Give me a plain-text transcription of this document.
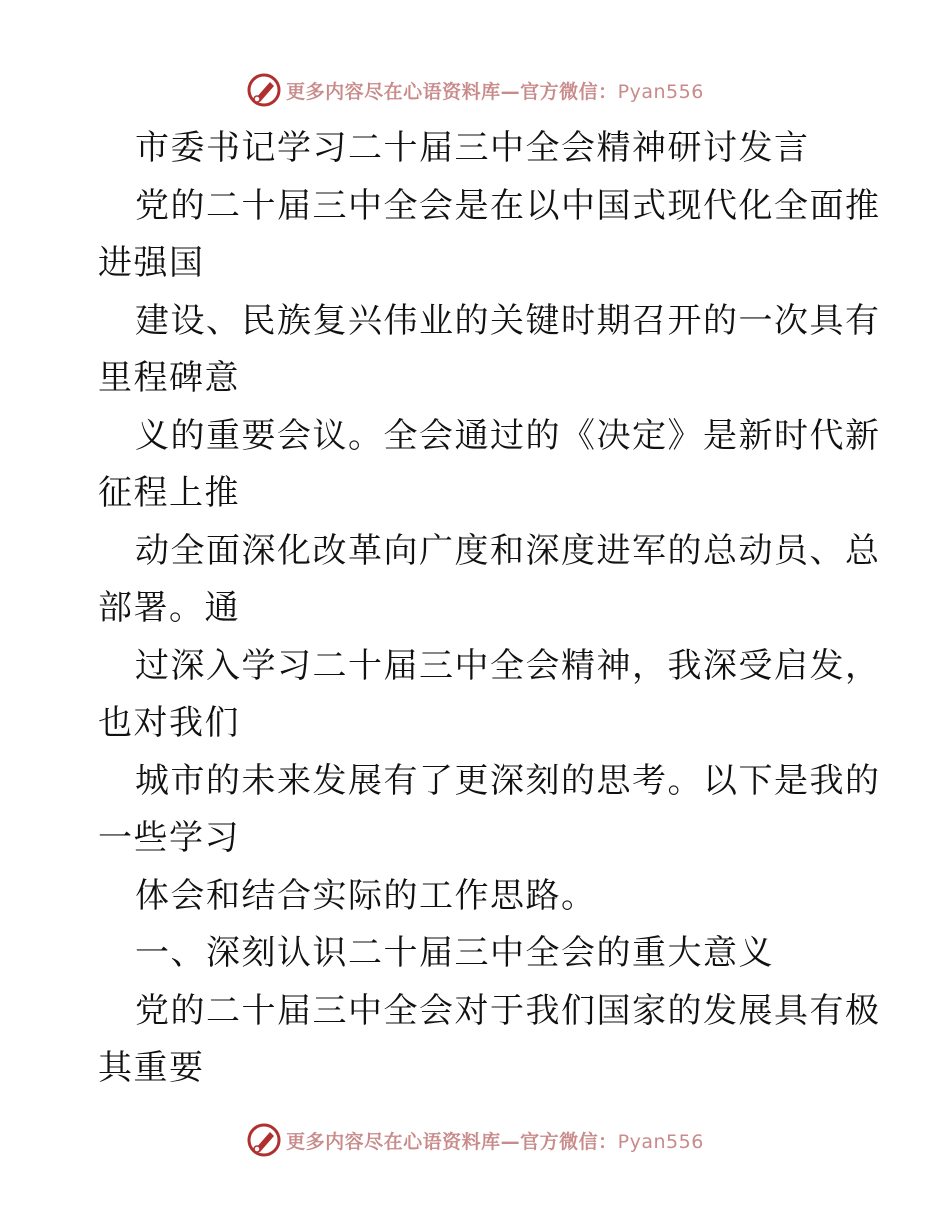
更多内容尽在心语资料库—官方微信：Pyan556
市委书记学习二十届三中全会精神研讨发言
党的二十届三中全会是在以中国式现代化全面推
进强国
建设、民族复兴伟业的关键时期召开的一次具有
里程碑意
义的重要会议。全会通过的《决定》是新时代新
征程上推
动全面深化改革向广度和深度进军的总动员、总
部署。通
过深入学习二十届三中全会精神，我深受启发，
也对我们
城市的未来发展有了更深刻的思考。以下是我的
一些学习
体会和结合实际的工作思路。
一、深刻认识二十届三中全会的重大意义
党的二十届三中全会对于我们国家的发展具有极
其重要
更多内容尽在心语资料库—官方微信：Pyan556
